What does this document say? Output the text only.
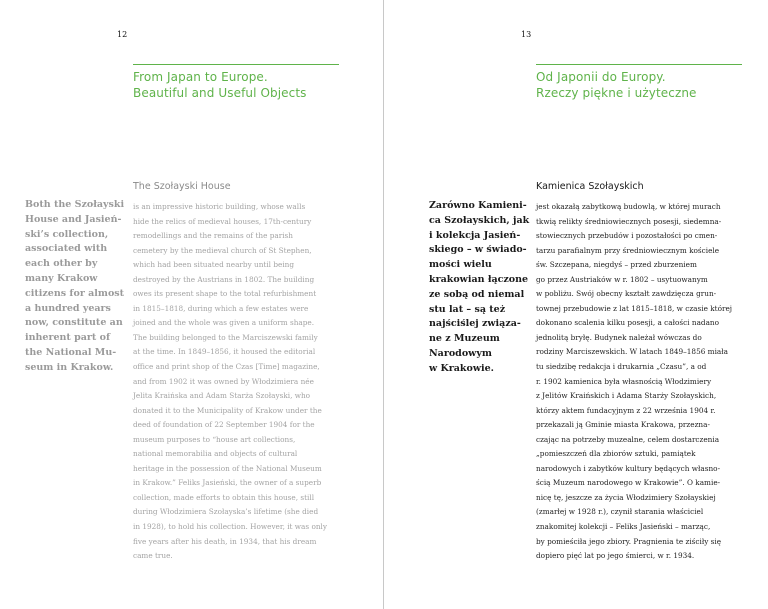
12
From Japan to Europe.
Beautiful and Useful Objects
The Szołayski House
Both the Szołayski
House and Jasień-
ski’s collection,
associated with
each other by
many Krakow
citizens for almost
a hundred years
now, constitute an
inherent part of
the National Mu-
seum in Krakow.
is an impressive historic building, whose walls
hide the relics of medieval houses, 17th-century
remodellings and the remains of the parish
cemetery by the medieval church of St Stephen,
which had been situated nearby until being
destroyed by the Austrians in 1802. The building
owes its present shape to the total refurbishment
in 1815–1818, during which a few estates were
joined and the whole was given a uniform shape.
The building belonged to the Marciszewski family
at the time. In 1849–1856, it housed the editorial
office and print shop of the Czas [Time] magazine,
and from 1902 it was owned by Włodzimiera née
Jelita Kraińska and Adam Starża Szołayski, who
donated it to the Municipality of Krakow under the
deed of foundation of 22 September 1904 for the
museum purposes to “house art collections,
national memorabilia and objects of cultural
heritage in the possession of the National Museum
in Krakow.” Feliks Jasieński, the owner of a superb
collection, made efforts to obtain this house, still
during Włodzimiera Szołayska’s lifetime (she died
in 1928), to hold his collection. However, it was only
five years after his death, in 1934, that his dream
came true.
13
Od Japonii do Europy.
Rzeczy piękne i użyteczne
Kamienica Szołayskich
Zarówno Kamieni-
ca Szołayskich, jak
i kolekcja Jasień-
skiego – w świado-
mości wielu
krakowian łączone
ze sobą od niemal
stu lat – są też
najściślej związa-
ne z Muzeum
Narodowym
w Krakowie.
jest okazałą zabytkową budowlą, w której murach
tkwią relikty średniowiecznych posesji, siedemna-
stowiecznych przebudów i pozostałości po cmen-
tarzu parafialnym przy średniowiecznym kościele
św. Szczepana, niegdyś – przed zburzeniem
go przez Austriaków w r. 1802 – usytuowanym
w pobliżu. Swój obecny kształt zawdzięcza grun-
townej przebudowie z lat 1815–1818, w czasie której
dokonano scalenia kilku posesji, a całości nadano
jednolitą bryłę. Budynek należał wówczas do
rodziny Marciszewskich. W latach 1849–1856 miała
tu siedzibę redakcja i drukarnia „Czasu”, a od
r. 1902 kamienica była własnością Włodzimiery
z Jelitów Kraińskich i Adama Starży Szołayskich,
którzy aktem fundacyjnym z 22 września 1904 r.
przekazali ją Gminie miasta Krakowa, przezna-
czając na potrzeby muzealne, celem dostarczenia
„pomieszczeń dla zbiorów sztuki, pamiątek
narodowych i zabytków kultury będących własno-
ścią Muzeum narodowego w Krakowie”. O kamie-
nicę tę, jeszcze za życia Włodzimiery Szołayskiej
(zmarłej w 1928 r.), czynił starania właściciel
znakomitej kolekcji – Feliks Jasieński – marząc,
by pomieściła jego zbiory. Pragnienia te ziściły się
dopiero pięć lat po jego śmierci, w r. 1934.
